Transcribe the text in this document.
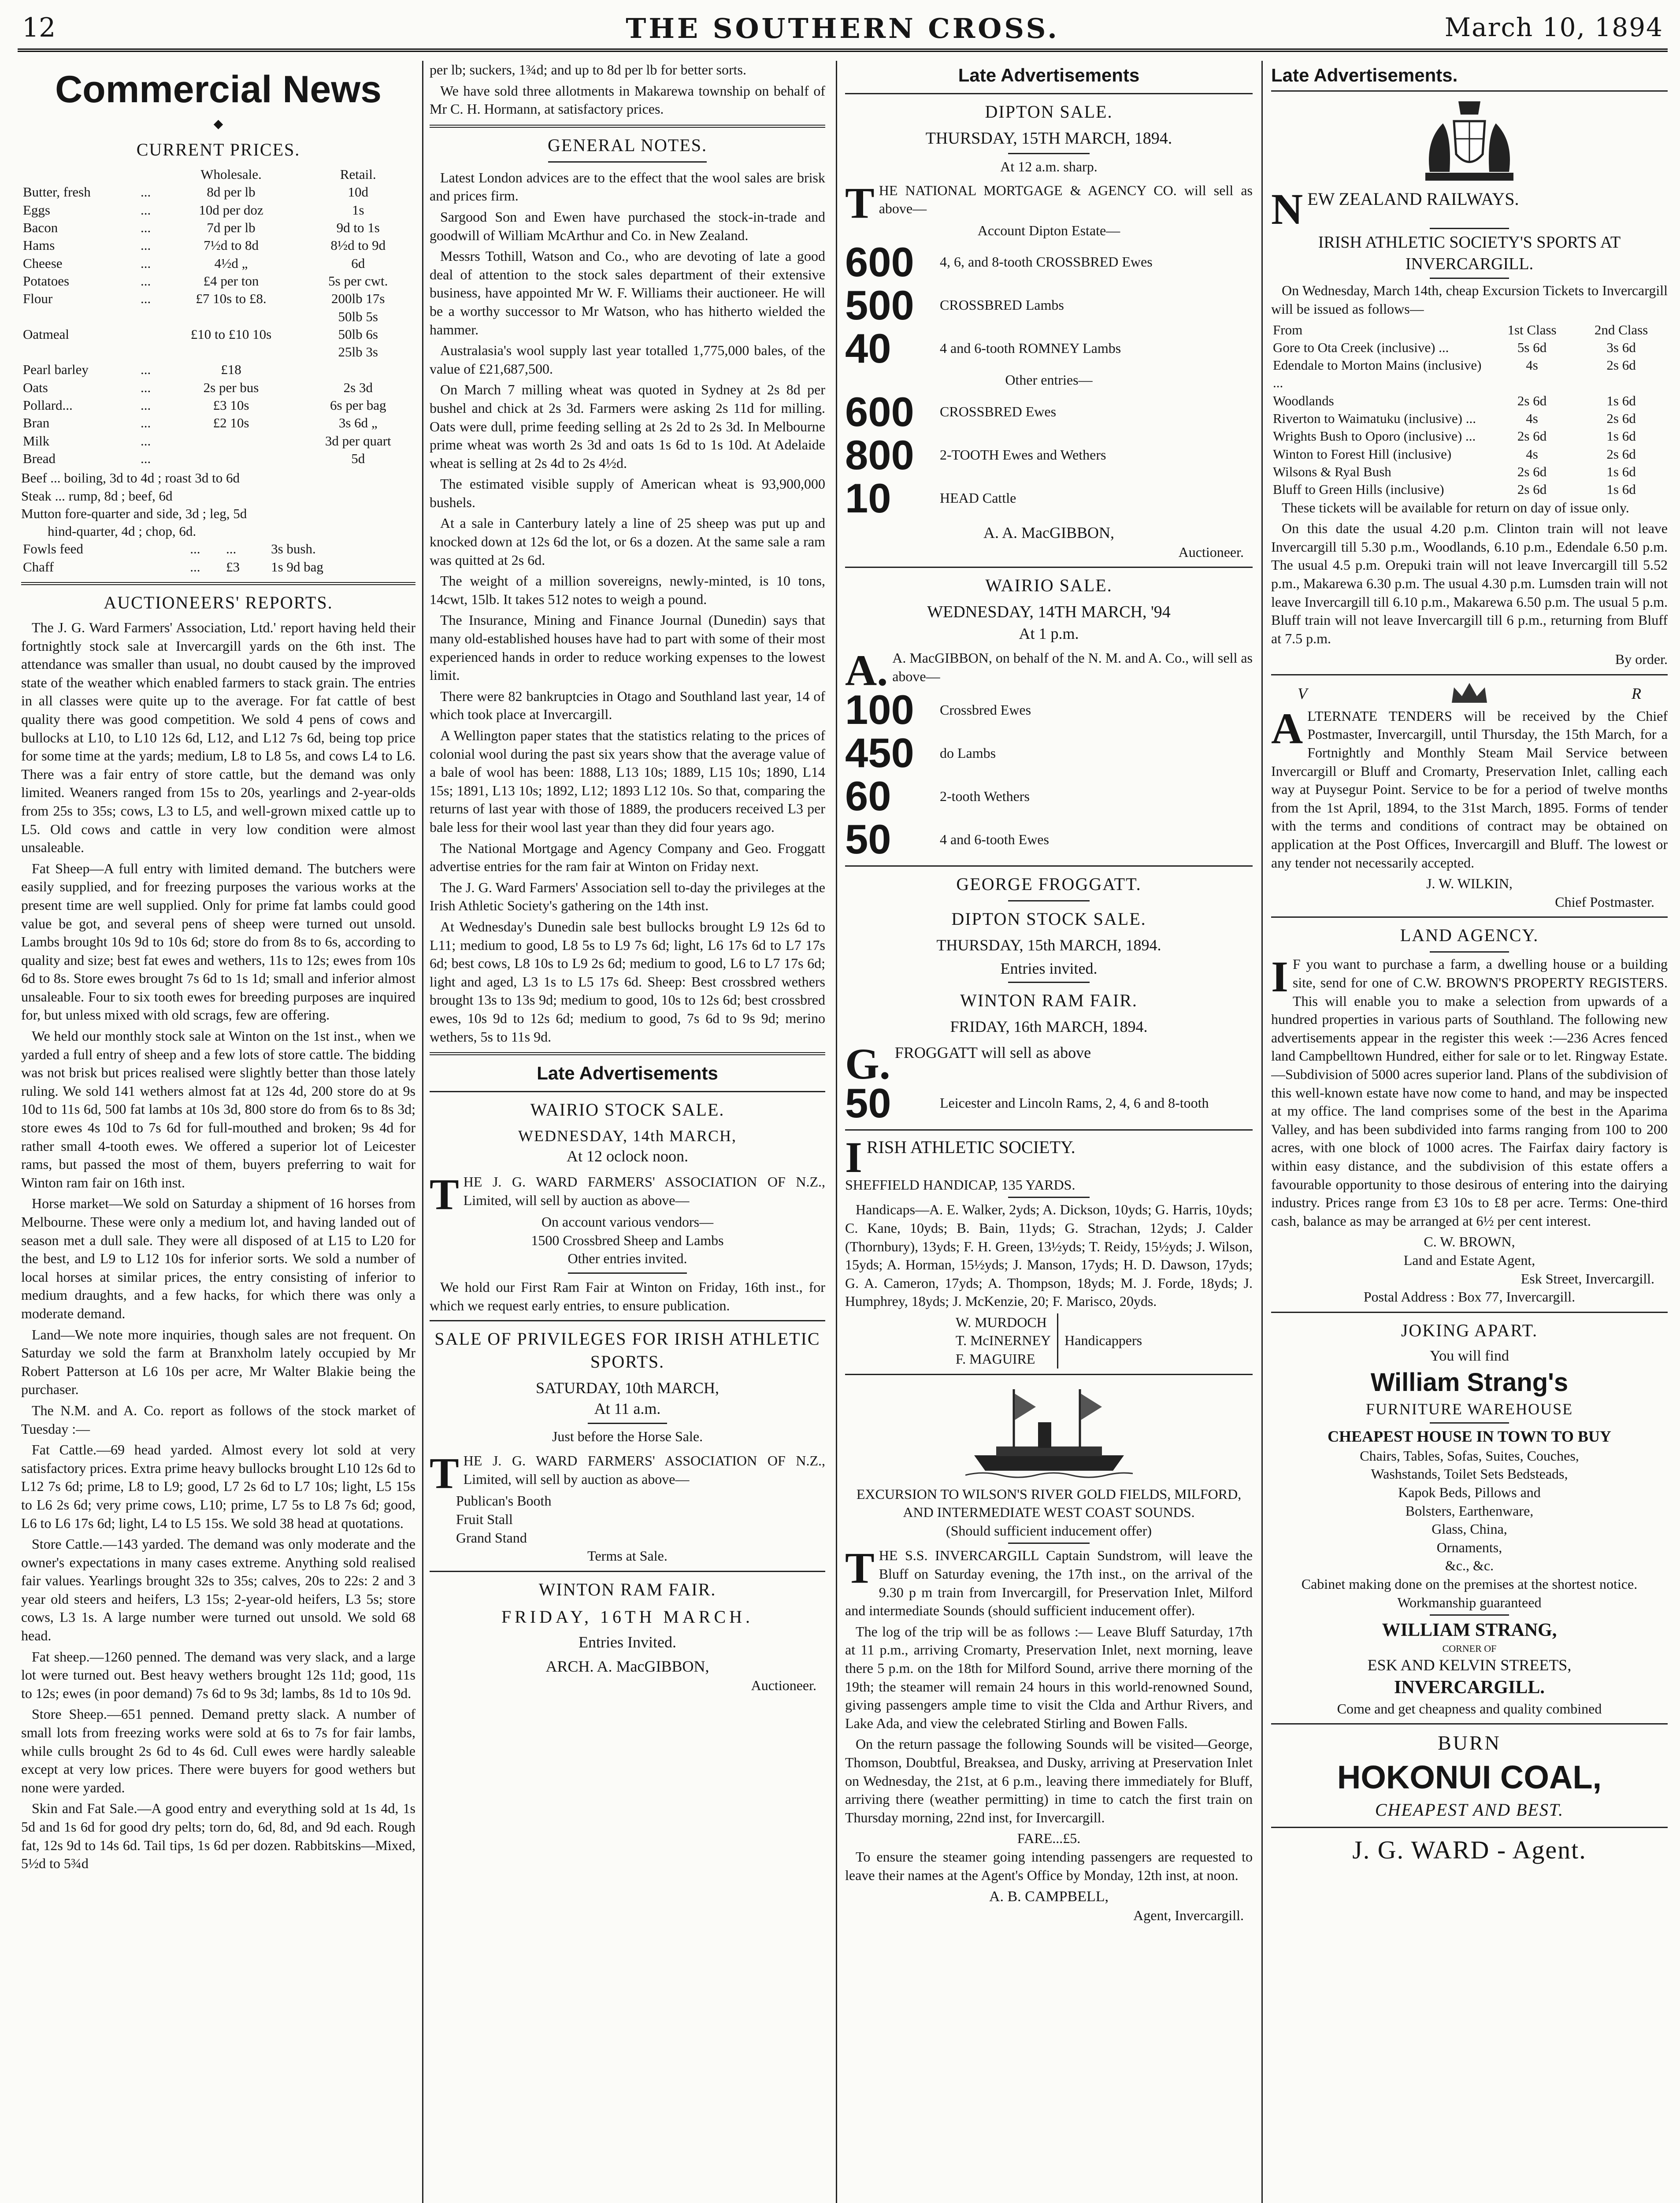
12	THE SOUTHERN CROSS.	March 10, 1894
Commercial News
◆
CURRENT PRICES.
		Wholesale.	Retail.
Butter, fresh	...	8d per lb	10d
Eggs	...	10d per doz	1s
Bacon	...	7d per lb	9d to 1s
Hams	...	7½d to 8d	8½d to 9d
Cheese	...	4½d „	6d
Potatoes	...	£4 per ton	5s per cwt.
Flour	...	£7 10s to £8.	200lb 17s
			50lb 5s
Oatmeal		£10 to £10 10s	50lb 6s
			25lb 3s
Pearl barley	...	£18	
Oats	...	2s per bus	2s 3d
Pollard...	...	£3 10s	6s per bag
Bran	...	£2 10s	3s 6d „
Milk	...		3d per quart
Bread	...		5d
Beef ... boiling, 3d to 4d ; roast 3d to 6d
Steak ... rump, 8d ; beef, 6d
Mutton fore-quarter and side, 3d ; leg, 5d
hind-quarter, 4d ; chop, 6d.
Fowls feed	...	...	3s bush.
Chaff	...	£3	1s 9d bag
AUCTIONEERS' REPORTS.

The J. G. Ward Farmers' Association, Ltd.' report having held their fortnightly stock sale at Invercargill yards on the 6th inst. The attendance was smaller than usual, no doubt caused by the improved state of the weather which enabled farmers to stack grain. The entries in all classes were quite up to the average. For fat cattle of best quality there was good competition. We sold 4 pens of cows and bullocks at L10, to L10 12s 6d, L12, and L12 7s 6d, being top price for some time at the yards; medium, L8 to L8 5s, and cows L4 to L6. There was a fair entry of store cattle, but the demand was only limited. Weaners ranged from 15s to 20s, yearlings and 2-year-olds from 25s to 35s; cows, L3 to L5, and well-grown mixed cattle up to L5. Old cows and cattle in very low condition were almost unsaleable.

Fat Sheep—A full entry with limited demand. The butchers were easily supplied, and for freezing purposes the various works at the present time are well supplied. Only for prime fat lambs could good value be got, and several pens of sheep were turned out unsold. Lambs brought 10s 9d to 10s 6d; store do from 8s to 6s, according to quality and size; best fat ewes and wethers, 11s to 12s; ewes from 10s 6d to 8s. Store ewes brought 7s 6d to 1s 1d; small and inferior almost unsaleable. Four to six tooth ewes for breeding purposes are inquired for, but unless mixed with old scrags, few are offering.

We held our monthly stock sale at Winton on the 1st inst., when we yarded a full entry of sheep and a few lots of store cattle. The bidding was not brisk but prices realised were slightly better than those lately ruling. We sold 141 wethers almost fat at 12s 4d, 200 store do at 9s 10d to 11s 6d, 500 fat lambs at 10s 3d, 800 store do from 6s to 8s 3d; store ewes 4s 10d to 7s 6d for full-mouthed and broken; 9s 4d for rather small 4-tooth ewes. We offered a superior lot of Leicester rams, but passed the most of them, buyers preferring to wait for Winton ram fair on 16th inst.

Horse market—We sold on Saturday a shipment of 16 horses from Melbourne. These were only a medium lot, and having landed out of season met a dull sale. They were all disposed of at L15 to L20 for the best, and L9 to L12 10s for inferior sorts. We sold a number of local horses at similar prices, the entry consisting of inferior to medium draughts, and a few hacks, for which there was only a moderate demand.

Land—We note more inquiries, though sales are not frequent. On Saturday we sold the farm at Branxholm lately occupied by Mr Robert Patterson at L6 10s per acre, Mr Walter Blakie being the purchaser.

The N.M. and A. Co. report as follows of the stock market of Tuesday :—

Fat Cattle.—69 head yarded. Almost every lot sold at very satisfactory prices. Extra prime heavy bullocks brought L10 12s 6d to L12 7s 6d; prime, L8 to L9; good, L7 2s 6d to L7 10s; light, L5 15s to L6 2s 6d; very prime cows, L10; prime, L7 5s to L8 7s 6d; good, L6 to L6 17s 6d; light, L4 to L5 15s. We sold 38 head at quotations.

Store Cattle.—143 yarded. The demand was only moderate and the owner's expectations in many cases extreme. Anything sold realised fair values. Yearlings brought 32s to 35s; calves, 20s to 22s: 2 and 3 year old steers and heifers, L3 15s; 2-year-old heifers, L3 5s; store cows, L3 1s. A large number were turned out unsold. We sold 68 head.

Fat sheep.—1260 penned. The demand was very slack, and a large lot were turned out. Best heavy wethers brought 12s 11d; good, 11s to 12s; ewes (in poor demand) 7s 6d to 9s 3d; lambs, 8s 1d to 10s 9d.

Store Sheep.—651 penned. Demand pretty slack. A number of small lots from freezing works were sold at 6s to 7s for fair lambs, while culls brought 2s 6d to 4s 6d. Cull ewes were hardly saleable except at very low prices. There were buyers for good wethers but none were yarded.

Skin and Fat Sale.—A good entry and everything sold at 1s 4d, 1s 5d and 1s 6d for good dry pelts; torn do, 6d, 8d, and 9d each. Rough fat, 12s 9d to 14s 6d. Tail tips, 1s 6d per dozen. Rabbitskins—Mixed, 5½d to 5¾d

per lb; suckers, 1¾d; and up to 8d per lb for better sorts.

We have sold three allotments in Makarewa township on behalf of Mr C. H. Hormann, at satisfactory prices.

GENERAL NOTES.

Latest London advices are to the effect that the wool sales are brisk and prices firm.

Sargood Son and Ewen have purchased the stock-in-trade and goodwill of William McArthur and Co. in New Zealand.

Messrs Tothill, Watson and Co., who are devoting of late a good deal of attention to the stock sales department of their extensive business, have appointed Mr W. F. Williams their auctioneer. He will be a worthy successor to Mr Watson, who has hitherto wielded the hammer.

Australasia's wool supply last year totalled 1,775,000 bales, of the value of £21,687,500.

On March 7 milling wheat was quoted in Sydney at 2s 8d per bushel and chick at 2s 3d. Farmers were asking 2s 11d for milling. Oats were dull, prime feeding selling at 2s 2d to 2s 3d. In Melbourne prime wheat was worth 2s 3d and oats 1s 6d to 1s 10d. At Adelaide wheat is selling at 2s 4d to 2s 4½d.

The estimated visible supply of American wheat is 93,900,000 bushels.

At a sale in Canterbury lately a line of 25 sheep was put up and knocked down at 12s 6d the lot, or 6s a dozen. At the same sale a ram was quitted at 2s 6d.

The weight of a million sovereigns, newly-minted, is 10 tons, 14cwt, 15lb. It takes 512 notes to weigh a pound.

The Insurance, Mining and Finance Journal (Dunedin) says that many old-established houses have had to part with some of their most experienced hands in order to reduce working expenses to the lowest limit.

There were 82 bankruptcies in Otago and Southland last year, 14 of which took place at Invercargill.

A Wellington paper states that the statistics relating to the prices of colonial wool during the past six years show that the average value of a bale of wool has been: 1888, L13 10s; 1889, L15 10s; 1890, L14 15s; 1891, L13 10s; 1892, L12; 1893 L12 10s. So that, comparing the returns of last year with those of 1889, the producers received L3 per bale less for their wool last year than they did four years ago.

The National Mortgage and Agency Company and Geo. Froggatt advertise entries for the ram fair at Winton on Friday next.

The J. G. Ward Farmers' Association sell to-day the privileges at the Irish Athletic Society's gathering on the 14th inst.

At Wednesday's Dunedin sale best bullocks brought L9 12s 6d to L11; medium to good, L8 5s to L9 7s 6d; light, L6 17s 6d to L7 17s 6d; best cows, L8 10s to L9 2s 6d; medium to good, L6 to L7 17s 6d; light and aged, L3 1s to L5 17s 6d. Sheep: Best crossbred wethers brought 13s to 13s 9d; medium to good, 10s to 12s 6d; best crossbred ewes, 10s 9d to 12s 6d; medium to good, 7s 6d to 9s 9d; merino wethers, 5s to 11s 9d.

Late Advertisements
WAIRIO STOCK SALE.
WEDNESDAY, 14th MARCH,
At 12 oclock noon.

THE J. G. WARD FARMERS' ASSOCIATION OF N.Z., Limited, will sell by auction as above—

On account various vendors—
1500 Crossbred Sheep and Lambs
Other entries invited.

We hold our First Ram Fair at Winton on Friday, 16th inst., for which we request early entries, to ensure publication.

SALE OF PRIVILEGES FOR IRISH ATHLETIC SPORTS.
SATURDAY, 10th MARCH,
At 11 a.m.
Just before the Horse Sale.

THE J. G. WARD FARMERS' ASSOCIATION OF N.Z., Limited, will sell by auction as above—

Publican's Booth
Fruit Stall
Grand Stand
Terms at Sale.
WINTON RAM FAIR.
FRIDAY, 16TH MARCH.
Entries Invited.
ARCH. A. MacGIBBON,
Auctioneer.
Late Advertisements
DIPTON SALE.
THURSDAY, 15TH MARCH, 1894.
At 12 a.m. sharp.

THE NATIONAL MORTGAGE & AGENCY CO. will sell as above—

Account Dipton Estate—
600	4, 6, and 8-tooth CROSSBRED Ewes
500	CROSSBRED Lambs
40	4 and 6-tooth ROMNEY Lambs
Other entries—
600	CROSSBRED Ewes
800	2-TOOTH Ewes and Wethers
10	HEAD Cattle
A. A. MacGIBBON,
Auctioneer.
WAIRIO SALE.
WEDNESDAY, 14TH MARCH, '94
At 1 p.m.

A. A. MacGIBBON, on behalf of the N. M. and A. Co., will sell as above—

100	Crossbred Ewes
450	do Lambs
60	2-tooth Wethers
50	4 and 6-tooth Ewes
GEORGE FROGGATT.
DIPTON STOCK SALE.
THURSDAY, 15th MARCH, 1894.
Entries invited.
WINTON RAM FAIR.
FRIDAY, 16th MARCH, 1894.

G. FROGGATT will sell as above

50	Leicester and Lincoln Rams, 2, 4, 6 and 8-tooth

IRISH ATHLETIC SOCIETY.

SHEFFIELD HANDICAP, 135 YARDS.

Handicaps—A. E. Walker, 2yds; A. Dickson, 10yds; G. Harris, 10yds; C. Kane, 10yds; B. Bain, 11yds; G. Strachan, 12yds; J. Calder (Thornbury), 13yds; F. H. Green, 13½yds; T. Reidy, 15½yds; J. Wilson, 15yds; A. Horman, 15½yds; J. Manson, 17yds; H. D. Dawson, 17yds; G. A. Cameron, 17yds; A. Thompson, 18yds; M. J. Forde, 18yds; J. Humphrey, 18yds; J. McKenzie, 20; F. Marisco, 20yds.

W. MURDOCH
T. McINERNEY
F. MAGUIRE
Handicappers
EXCURSION TO WILSON'S RIVER GOLD FIELDS, MILFORD, AND INTERMEDIATE WEST COAST SOUNDS.
(Should sufficient inducement offer)

THE S.S. INVERCARGILL Captain Sundstrom, will leave the Bluff on Saturday evening, the 17th inst., on the arrival of the 9.30 p m train from Invercargill, for Preservation Inlet, Milford and intermediate Sounds (should sufficient inducement offer).

The log of the trip will be as follows :— Leave Bluff Saturday, 17th at 11 p.m., arriving Cromarty, Preservation Inlet, next morning, leave there 5 p.m. on the 18th for Milford Sound, arrive there morning of the 19th; the steamer will remain 24 hours in this world-renowned Sound, giving passengers ample time to visit the Clda and Arthur Rivers, and Lake Ada, and view the celebrated Stirling and Bowen Falls.

On the return passage the following Sounds will be visited—George, Thomson, Doubtful, Breaksea, and Dusky, arriving at Preservation Inlet on Wednesday, the 21st, at 6 p.m., leaving there immediately for Bluff, arriving there (weather permitting) in time to catch the first train on Thursday morning, 22nd inst, for Invercargill.

FARE...£5.

To ensure the steamer going intending passengers are requested to leave their names at the Agent's Office by Monday, 12th inst, at noon.

A. B. CAMPBELL,
Agent, Invercargill.
Late Advertisements.

NEW ZEALAND RAILWAYS.

IRISH ATHLETIC SOCIETY'S SPORTS AT INVERCARGILL.

On Wednesday, March 14th, cheap Excursion Tickets to Invercargill will be issued as follows—

From	1st Class	2nd Class
Gore to Ota Creek (inclusive) ...	5s 6d	3s 6d
Edendale to Morton Mains (inclusive) ...	4s	2s 6d
Woodlands	2s 6d	1s 6d
Riverton to Waimatuku (inclusive) ...	4s	2s 6d
Wrights Bush to Oporo (inclusive) ...	2s 6d	1s 6d
Winton to Forest Hill (inclusive)	4s	2s 6d
Wilsons & Ryal Bush	2s 6d	1s 6d
Bluff to Green Hills (inclusive)	2s 6d	1s 6d

These tickets will be available for return on day of issue only.

On this date the usual 4.20 p.m. Clinton train will not leave Invercargill till 5.30 p.m., Woodlands, 6.10 p.m., Edendale 6.50 p.m. The usual 4.5 p.m. Orepuki train will not leave Invercargill till 5.52 p.m., Makarewa 6.30 p.m. The usual 4.30 p.m. Lumsden train will not leave Invercargill till 6.10 p.m., Makarewa 6.50 p.m. The usual 5 p.m. Bluff train will not leave Invercargill till 6 p.m., returning from Bluff at 7.5 p.m.

By order.
V	R

ALTERNATE TENDERS will be received by the Chief Postmaster, Invercargill, until Thursday, the 15th March, for a Fortnightly and Monthly Steam Mail Service between Invercargill or Bluff and Cromarty, Preservation Inlet, calling each way at Puysegur Point. Service to be for a period of twelve months from the 1st April, 1894, to the 31st March, 1895. Forms of tender with the terms and conditions of contract may be obtained on application at the Post Offices, Invercargill and Bluff. The lowest or any tender not necessarily accepted.

J. W. WILKIN,
Chief Postmaster.
LAND AGENCY.

I F you want to purchase a farm, a dwelling house or a building site, send for one of C.W. BROWN'S PROPERTY REGISTERS. This will enable you to make a selection from upwards of a hundred properties in various parts of Southland. The following new advertisements appear in the register this week :—236 Acres fenced land Campbelltown Hundred, either for sale or to let. Ringway Estate.—Subdivision of 5000 acres superior land. Plans of the subdivision of this well-known estate have now come to hand, and may be inspected at my office. The land comprises some of the best in the Aparima Valley, and has been subdivided into farms ranging from 100 to 200 acres, with one block of 1000 acres. The Fairfax dairy factory is within easy distance, and the subdivision of this estate offers a favourable opportunity to those desirous of entering into the dairying industry. Prices range from £3 10s to £8 per acre. Terms: One-third cash, balance as may be arranged at 6½ per cent interest.

C. W. BROWN,
Land and Estate Agent,
Esk Street, Invercargill.
Postal Address : Box 77, Invercargill.
JOKING APART.
You will find
William Strang's
FURNITURE WAREHOUSE
CHEAPEST HOUSE IN TOWN TO BUY
Chairs, Tables, Sofas, Suites, Couches,
Washstands, Toilet Sets Bedsteads,
Kapok Beds, Pillows and
Bolsters, Earthenware,
Glass, China,
Ornaments,
&c., &c.
Cabinet making done on the premises at the shortest notice. Workmanship guaranteed
WILLIAM STRANG,
CORNER OF
ESK AND KELVIN STREETS,
INVERCARGILL.
Come and get cheapness and quality combined
BURN
HOKONUI COAL,
CHEAPEST AND BEST.
J. G. WARD - Agent.
